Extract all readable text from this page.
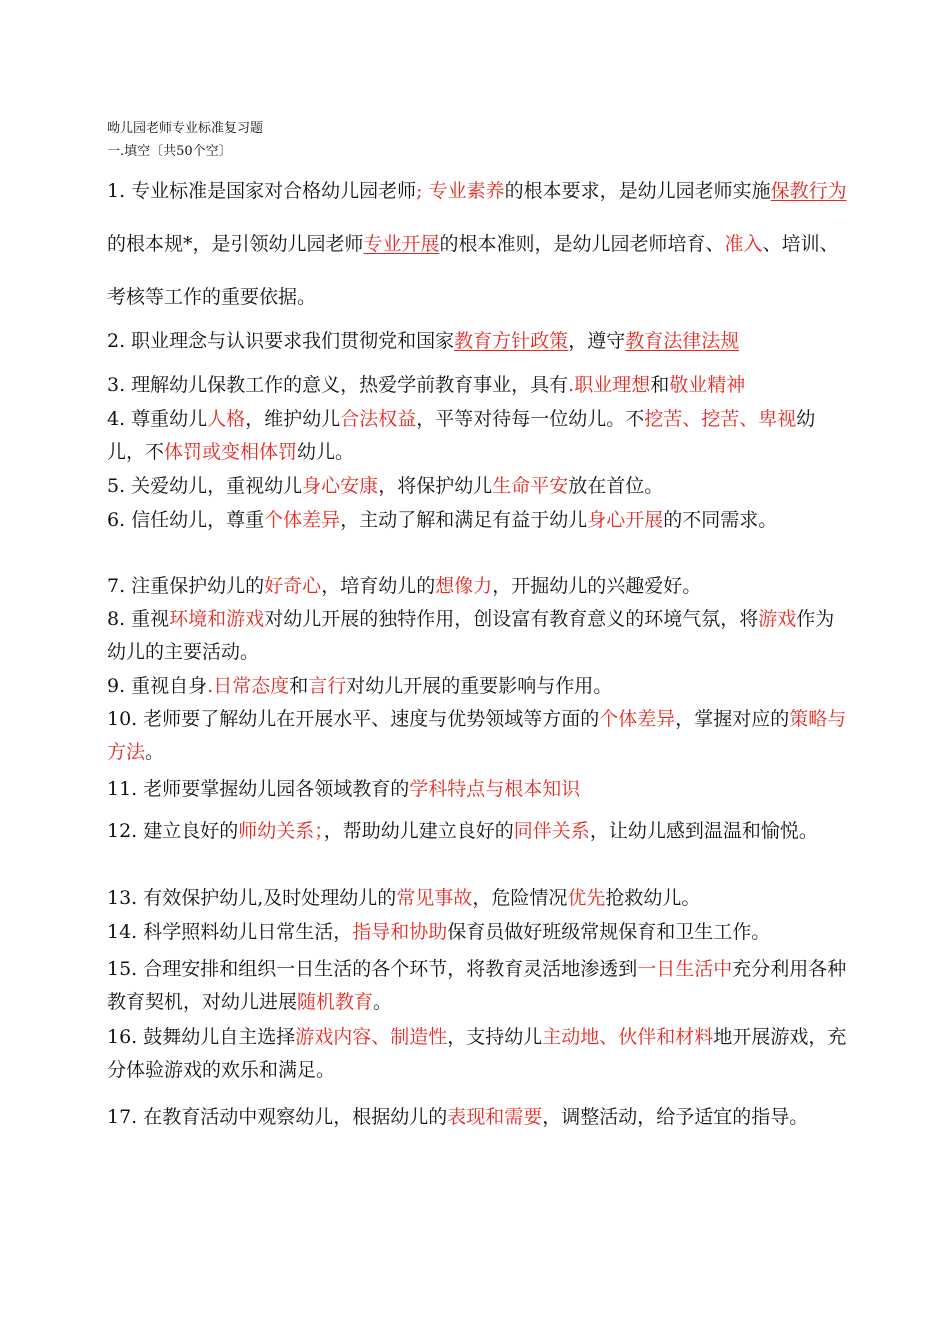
呦儿园老师专业标准复习题
一.填空〔共50个空〕
1. 专业标准是国家对合格幼儿园老师; 专业素养的根本要求，是幼儿园老师实施保教行为的根本规*，是引领幼儿园老师专业开展的根本准则，是幼儿园老师培育、准入、培训、考核等工作的重要依据。
2. 职业理念与认识要求我们贯彻党和国家教育方针政策，遵守教育法律法规
3. 理解幼儿保教工作的意义，热爱学前教育事业，具有.职业理想和敬业精神
4. 尊重幼儿人格，维护幼儿合法权益，平等对待每一位幼儿。不挖苦、挖苦、卑视幼儿，不体罚或变相体罚幼儿。
5. 关爱幼儿，重视幼儿身心安康，将保护幼儿生命平安放在首位。
6. 信任幼儿，尊重个体差异，主动了解和满足有益于幼儿身心开展的不同需求。
7. 注重保护幼儿的好奇心，培育幼儿的想像力，开掘幼儿的兴趣爱好。
8. 重视环境和游戏对幼儿开展的独特作用，创设富有教育意义的环境气氛，将游戏作为幼儿的主要活动。
9. 重视自身.日常态度和言行对幼儿开展的重要影响与作用。
10. 老师要了解幼儿在开展水平、速度与优势领域等方面的个体差异，掌握对应的策略与方法。
11. 老师要掌握幼儿园各领域教育的学科特点与根本知识
12. 建立良好的师幼关系；，帮助幼儿建立良好的同伴关系，让幼儿感到温温和愉悦。
13. 有效保护幼儿,及时处理幼儿的常见事故，危险情况优先抢救幼儿。
14. 科学照料幼儿日常生活，指导和协助保育员做好班级常规保育和卫生工作。
15. 合理安排和组织一日生活的各个环节，将教育灵活地渗透到一日生活中充分利用各种教育契机，对幼儿进展随机教育。
16. 鼓舞幼儿自主选择游戏内容、制造性，支持幼儿主动地、伙伴和材料地开展游戏，充分体验游戏的欢乐和满足。
17. 在教育活动中观察幼儿，根据幼儿的表现和需要，调整活动，给予适宜的指导。
